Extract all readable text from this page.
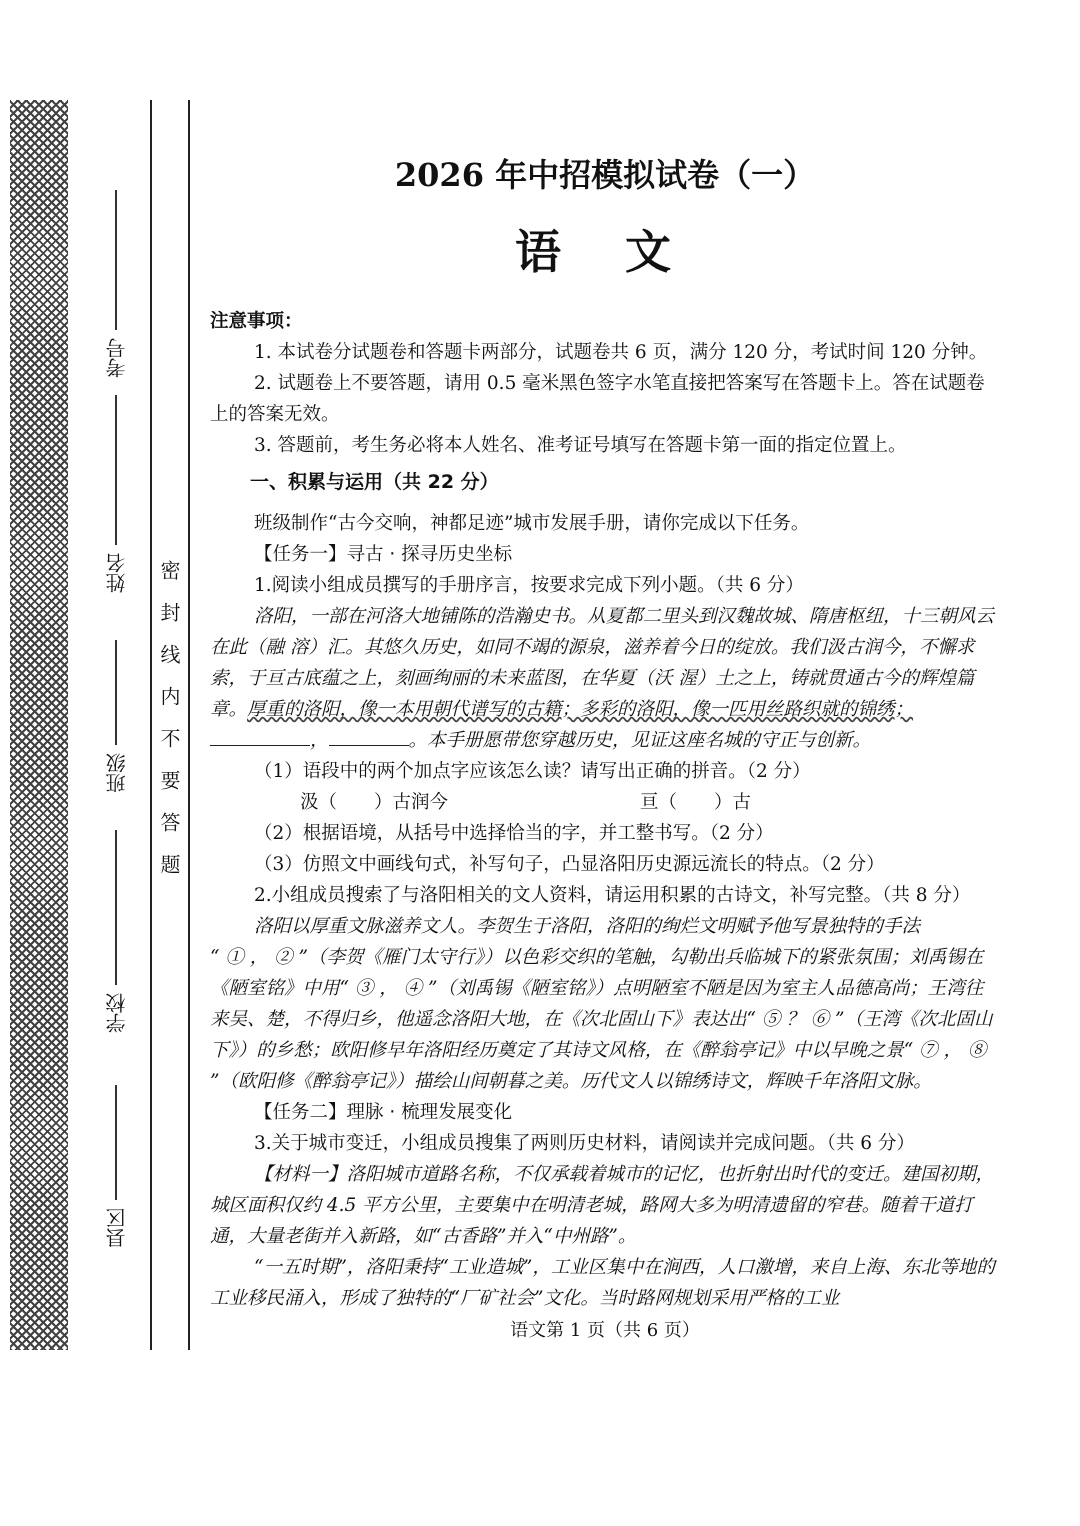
考号
姓名
班级
学校
县区
密封线内不要答题
2026 年中招模拟试卷（一）
语 文

注意事项：

1. 本试卷分试题卷和答题卡两部分，试题卷共 6 页，满分 120 分，考试时间 120 分钟。

2. 试题卷上不要答题，请用 0.5 毫米黑色签字水笔直接把答案写在答题卡上。答在试题卷上的答案无效。

3. 答题前，考生务必将本人姓名、准考证号填写在答题卡第一面的指定位置上。

一、积累与运用（共 22 分）

班级制作“古今交响，神都足迹”城市发展手册，请你完成以下任务。

【任务一】寻古 · 探寻历史坐标

1.阅读小组成员撰写的手册序言，按要求完成下列小题。（共 6 分）

洛阳，一部在河洛大地铺陈的浩瀚史书。从夏都二里头到汉魏故城、隋唐枢纽，十三朝风云在此（融 溶）汇。其悠久历史，如同不竭的源泉，滋养着今日的绽放。我们汲古润今，不懈求索，于亘古底蕴之上，刻画绚丽的未来蓝图，在华夏（沃 渥）土之上，铸就贯通古今的辉煌篇章。厚重的洛阳，像一本用朝代谱写的古籍；多彩的洛阳，像一匹用丝路织就的锦绣； ，	。本手册愿带您穿越历史，见证这座名城的守正与创新。

（1）语段中的两个加点字应该怎么读？请写出正确的拼音。（2 分）

汲（　　）古润今	亘（　　）古

（2）根据语境，从括号中选择恰当的字，并工整书写。（2 分）

（3）仿照文中画线句式，补写句子，凸显洛阳历史源远流长的特点。（2 分）

2.小组成员搜索了与洛阳相关的文人资料，请运用积累的古诗文，补写完整。（共 8 分）

洛阳以厚重文脉滋养文人。李贺生于洛阳，洛阳的绚烂文明赋予他写景独特的手法

“ ① ， ② ”（李贺《雁门太守行》）以色彩交织的笔触，勾勒出兵临城下的紧张氛围；刘禹锡在《陋室铭》中用“ ③ ， ④ ”（刘禹锡《陋室铭》）点明陋室不陋是因为室主人品德高尚；王湾往来吴、楚，不得归乡，他遥念洛阳大地，在《次北固山下》表达出“ ⑤ ？ ⑥ ”（王湾《次北固山下》）的乡愁；欧阳修早年洛阳经历奠定了其诗文风格，在《醉翁亭记》中以早晚之景“ ⑦ ， ⑧ ”（欧阳修《醉翁亭记》）描绘山间朝暮之美。历代文人以锦绣诗文，辉映千年洛阳文脉。

【任务二】理脉 · 梳理发展变化

3.关于城市变迁，小组成员搜集了两则历史材料，请阅读并完成问题。（共 6 分）

【材料一】洛阳城市道路名称，不仅承载着城市的记忆，也折射出时代的变迁。建国初期，城区面积仅约 4.5 平方公里，主要集中在明清老城，路网大多为明清遗留的窄巷。随着干道打通，大量老街并入新路，如“古香路”并入“中州路”。

“一五时期”，洛阳秉持“工业造城”，工业区集中在涧西，人口激增，来自上海、东北等地的工业移民涌入，形成了独特的“厂矿社会”文化。当时路网规划采用严格的工业

语文第 1 页（共 6 页）
